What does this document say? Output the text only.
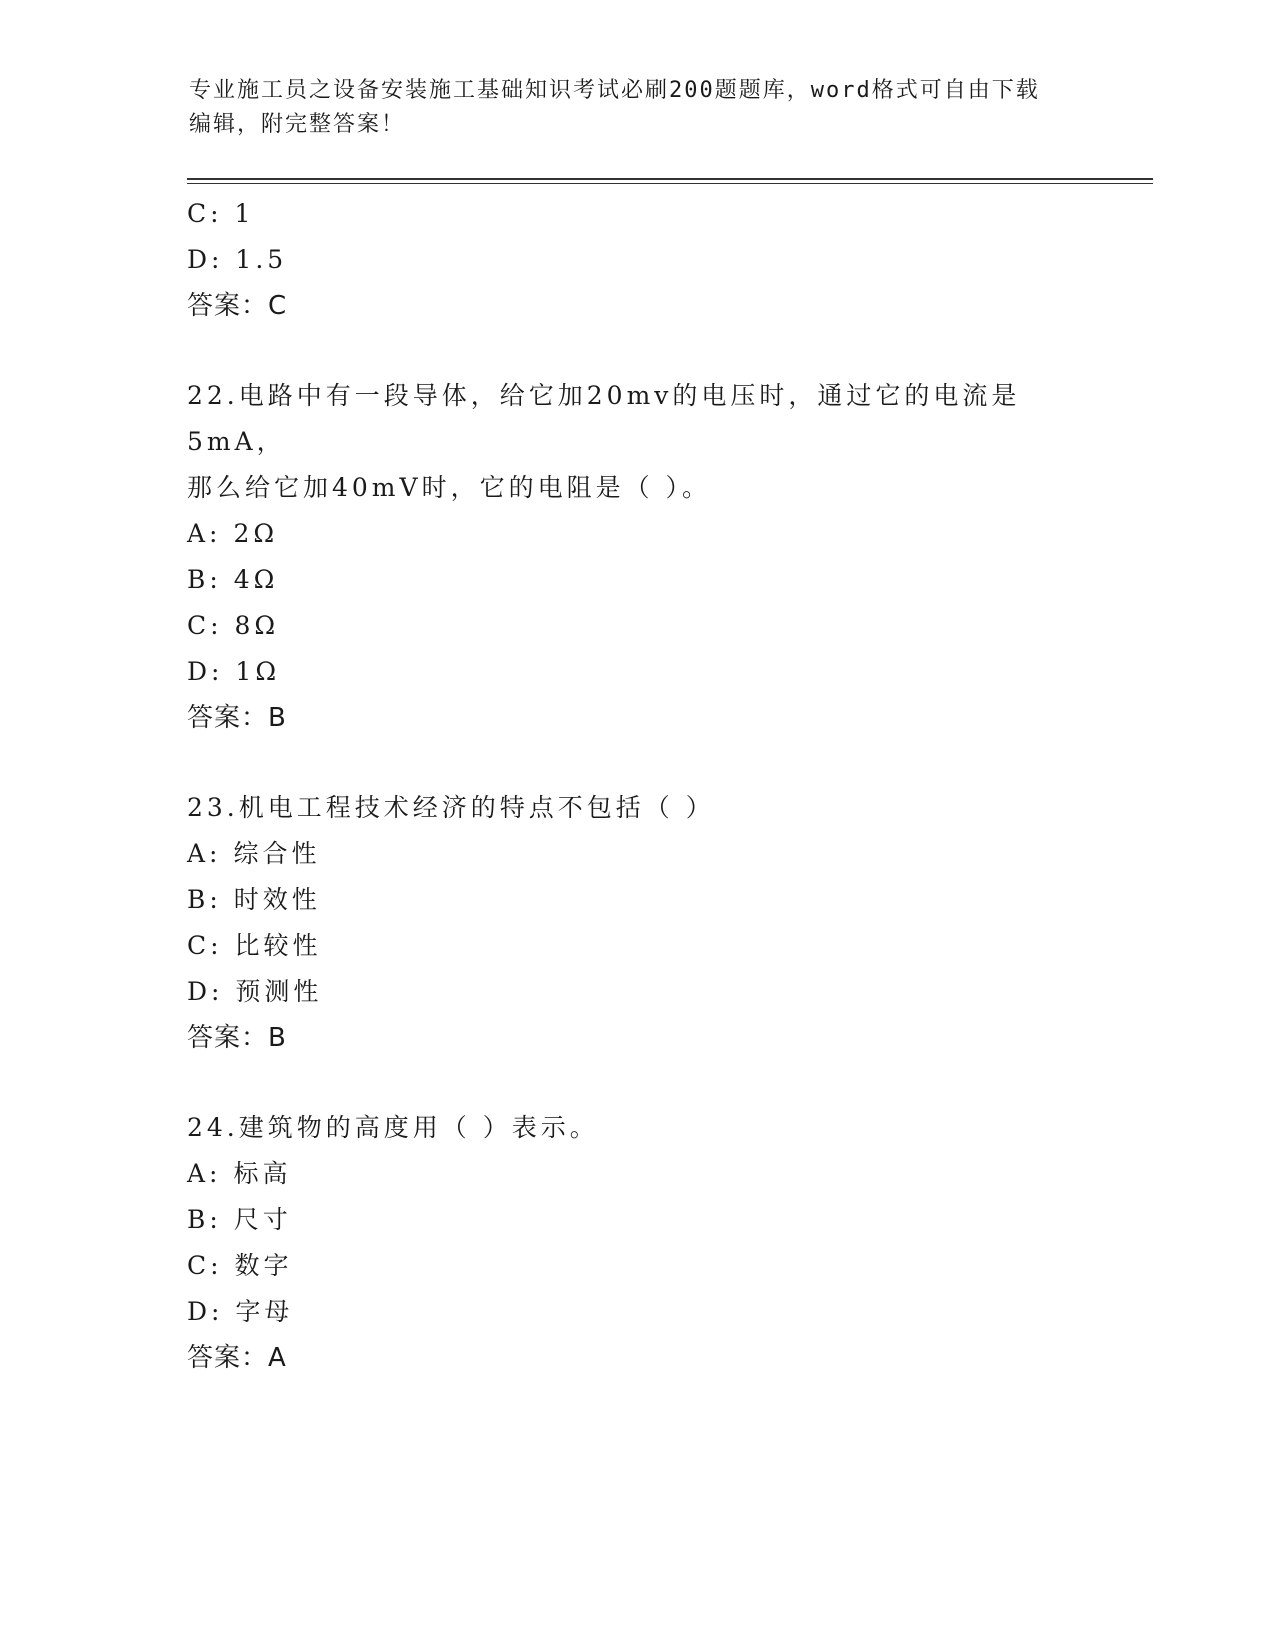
专业施工员之设备安装施工基础知识考试必刷200题题库，word格式可自由下载
编辑，附完整答案！
C: 1
D: 1.5
答案：C
22.电路中有一段导体，给它加20mv的电压时，通过它的电流是5mA，
那么给它加40mV时，它的电阻是（ ）。
A: 2Ω
B: 4Ω
C: 8Ω
D: 1Ω
答案：B
23.机电工程技术经济的特点不包括（ ）
A: 综合性
B: 时效性
C: 比较性
D: 预测性
答案：B
24.建筑物的高度用（ ）表示。
A: 标高
B: 尺寸
C: 数字
D: 字母
答案：A
